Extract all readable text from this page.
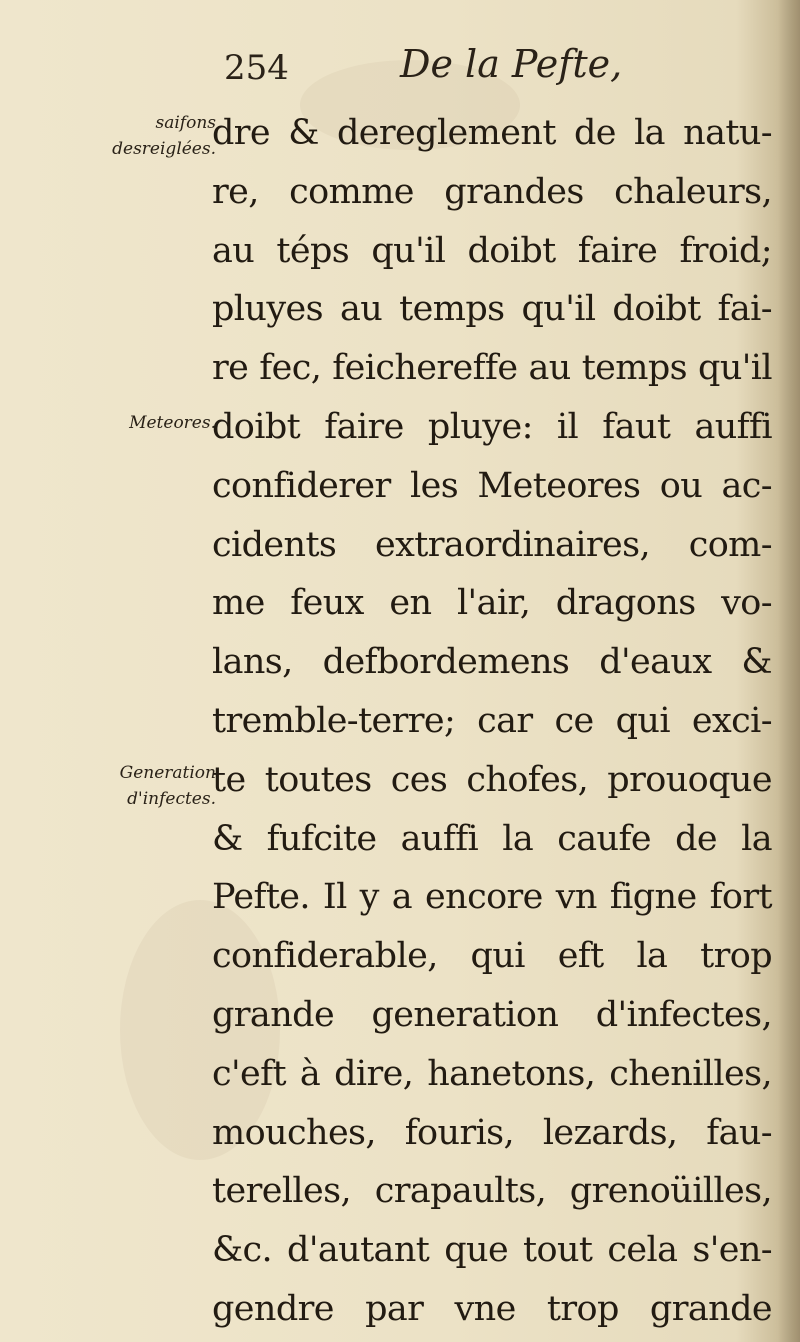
254	De la Pefte,
saifons
desreiglées.
Meteores.
Generation
d'infectes.
dre & dereglement de la natu-
re, comme grandes chaleurs,
au téps qu'il doibt faire froid;
pluyes au temps qu'il doibt fai-
re fec, feichereffe au temps qu'il
doibt faire pluye: il faut auffi
confiderer les Meteores ou ac-
cidents extraordinaires, com-
me feux en l'air, dragons vo-
lans, defbordemens d'eaux &
tremble-terre; car ce qui exci-
te toutes ces chofes, prouoque
& fufcite auffi la caufe de la
Pefte. Il y a encore vn figne fort
confiderable, qui eft la trop
grande generation d'infectes,
c'eft à dire, hanetons, chenilles,
mouches, fouris, lezards, fau-
terelles, crapaults, grenoüilles,
&c. d'autant que tout cela s'en-
gendre par vne trop grande
